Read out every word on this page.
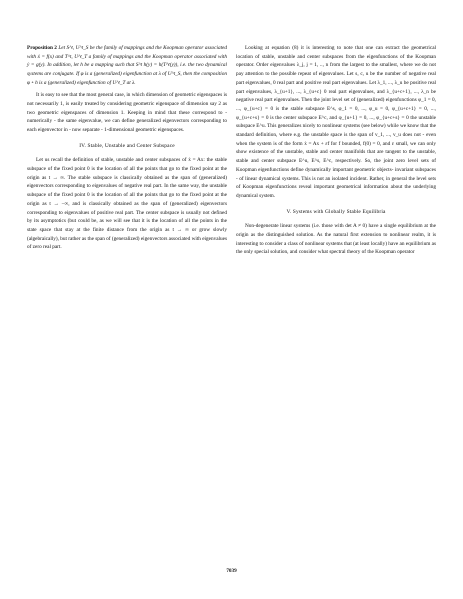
Proposition 2 Let S^t, U^t_S be the family of mappings and the Koopman operator associated with ẋ = f(x) and T^t, U^t_T a family of mappings and the Koopman operator associated with ẏ = g(y). In addition, let h be a mapping such that S^t h(y) = h(T^t(y)), i.e. the two dynamical systems are conjugate. If φ is a (generalized) eigenfunction at λ of U^t_S, then the composition φ ∘ h is a (generalized) eigenfunction of U^t_T at λ.

It is easy to see that the most general case, in which dimension of geometric eigenspaces is not necessarily 1, is easily treated by considering geometric eigenspace of dimension say 2 as two geometric eigenspaces of dimension 1. Keeping in mind that these correspond to -numerically - the same eigenvalue, we can define generalized eigenvectors corresponding to each eigenvector in - now separate - 1-dimensional geometric eigenspaces.

IV. Stable, Unstable and Center Subspace

Let us recall the definition of stable, unstable and center subspaces of ẋ = Ax: the stable subspace of the fixed point 0 is the location of all the points that go to the fixed point at the origin as t → ∞. The stable subspace is classically obtained as the span of (generalized) eigenvectors corresponding to eigenvalues of negative real part. In the same way, the unstable subspace of the fixed point 0 is the location of all the points that go to the fixed point at the origin as t → −∞, and is classically obtained as the span of (generalized) eigenvectors corresponding to eigenvalues of positive real part. The center subspace is usually not defined by its asymptotics (but could be, as we will see that it is the location of all the points in the state space that stay at the finite distance from the origin as t → ∞ or grow slowly (algebraically), but rather as the span of (generalized) eigenvectors associated with eigenvalues of zero real part.

Looking at equation (8) it is interesting to note that one can extract the geometrical location of stable, unstable and center subspaces from the eigenfunctions of the Koopman operator. Order eigenvalues λ_j, j = 1, .., n from the largest to the smallest, where we do not pay attention to the possible repeat of eigenvalues. Let s, c, u be the number of negative real part eigenvalues, 0 real part and positive real part eigenvalues. Let λ_1, ..., λ_u be positive real part eigenvalues, λ_{u+1}, ..., λ_{u+c} 0 real part eigenvalues, and λ_{u+c+1}, ..., λ_n be negative real part eigenvalues. Then the joint level set of (generalized) eigenfunctions φ_1 = 0, ..., φ_{u+c} = 0 is the stable subspace E^s, φ_1 = 0, ..., φ_u = 0, φ_{u+c+1} = 0, ..., φ_{u+c+s} = 0 is the center subspace E^c, and φ_{u+1} = 0, ..., φ_{u+c+s} = 0 the unstable subspace E^u. This generalizes nicely to nonlinear systems (see below) while we know that the standard definition, where e.g. the unstable space is the span of v_1, ..., v_u does not - even when the system is of the form ẋ = Ax + εf for f bounded, f(0) = 0, and ε small, we can only show existence of the unstable, stable and center manifolds that are tangent to the unstable, stable and center subspace E^u, E^s, E^c, respectively. So, the joint zero level sets of Koopman eigenfunctions define dynamically important geometric objects- invariant subspaces - of linear dynamical systems. This is not an isolated incident. Rather, in general the level sets of Koopman eigenfunctions reveal important geometrical information about the underlying dynamical system.

V. Systems with Globally Stable Equilibria

Non-degenerate linear systems (i.e. those with det A ≠ 0) have a single equilibrium at the origin as the distinguished solution. As the natural first extension to nonlinear realm, it is interesting to consider a class of nonlinear systems that (at least locally) have an equilibrium as the only special solution, and consider what spectral theory of the Koopman operator

7039
